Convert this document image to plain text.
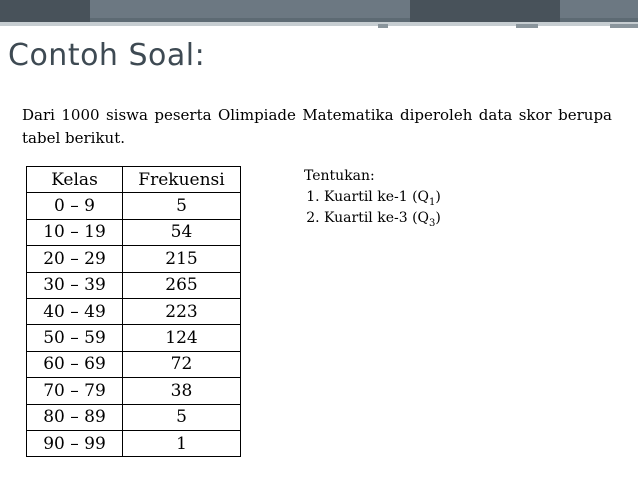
Contoh Soal:

Dari 1000 siswa peserta Olimpiade Matematika diperoleh data skor berupa tabel berikut.

Kelas	Frekuensi
0 – 9	5
10 – 19	54
20 – 29	215
30 – 39	265
40 – 49	223
50 – 59	124
60 – 69	72
70 – 79	38
80 – 89	5
90 – 99	1
Tentukan:
1. Kuartil ke-1 $(Q_1)$
2. Kuartil ke-3 $(Q_3)$
